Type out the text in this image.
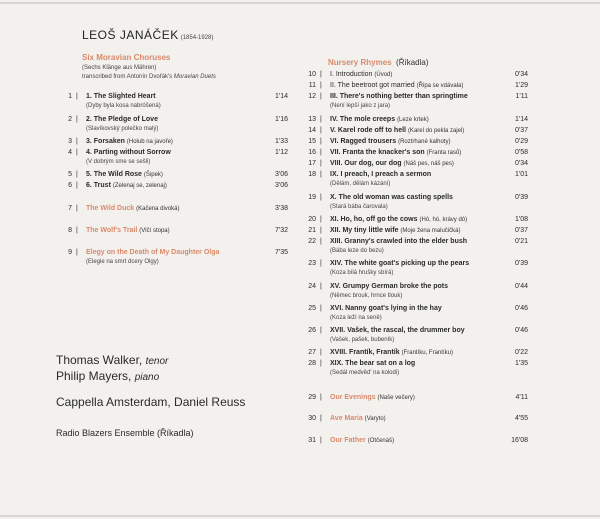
LEOŠ JANÁČEK (1854-1928)
Six Moravian Choruses
(Sechs Klänge aus Mähren)
transcribed from Antonín Dvořák's Moravian Duets
1 | 1. The Slighted Heart
(Dyby byla kosa nabróšená)
1'14
2 | 2. The Pledge of Love
(Slavíkovský polečko malý)
1'16
3 | 3. Forsaken (Holub na javoře)	1'33
4 | 4. Parting without Sorrow
(V dobrým sme se sešli)
1'12
5 | 5. The Wild Rose (Šipek)	3'06
6 | 6. Trust (Zelenaj se, zelenaj)	3'06
7 | The Wild Duck (Kačena divoká)	3'38
8 | The Wolf's Trail (Vlčí stopa)	7'32
9 | Elegy on the Death of My Daughter Olga
(Elegie na smrt dcery Olgy)
7'35
Nursery Rhymes (Říkadla)
10 | I. Introduction (Úvod)	0'34
11 | II. The beetroot got married (Řipa se vdávala)	1'29
12 | III. There's nothing better than springtime
(Není lepší jako z jara)
1'11
13 | IV. The mole creeps (Leze krtek)	1'14
14 | V. Karel rode off to hell (Karel do pekla zajel)	0'37
15 | VI. Ragged trousers (Roztrhané kalhoty)	0'29
16 | VII. Franta the knacker's son (Franta rasů)	0'58
17 | VIII. Our dog, our dog (Náš pes, náš pes)	0'34
18 | IX. I preach, I preach a sermon
(Dělám, dělám kázání)
1'01
19 | X. The old woman was casting spells
(Stará bába čarovala)
0'39
20 | XI. Ho, ho, off go the cows (Hó, hó, krávy dó)	1'08
21 | XII. My tiny little wife (Moje žena malučičká)	0'37
22 | XIII. Granny's crawled into the elder bush
(Bába leze do bezu)
0'21
23 | XIV. The white goat's picking up the pears
(Koza bílá hrušky sbírá)
0'39
24 | XV. Grumpy German broke the pots
(Němec brouk, hrnce tlouk)
0'44
25 | XVI. Nanny goat's lying in the hay
(Koza leží na seně)
0'46
26 | XVII. Vašek, the rascal, the drummer boy
(Vašek, pašek, bubeník)
0'46
27 | XVIII. Frantík, Frantík (Frantíku, Frantíku)	0'22
28 | XIX. The bear sat on a log
(Sedál medvěd' na kolodi)
1'35
29 | Our Evenings (Naše večery)	4'11
30 | Ave Maria (Varyto)	4'55
31 | Our Father (Otčenáš)	16'08
Thomas Walker, tenor
Philip Mayers, piano
Cappella Amsterdam, Daniel Reuss
Radio Blazers Ensemble (Říkadla)
